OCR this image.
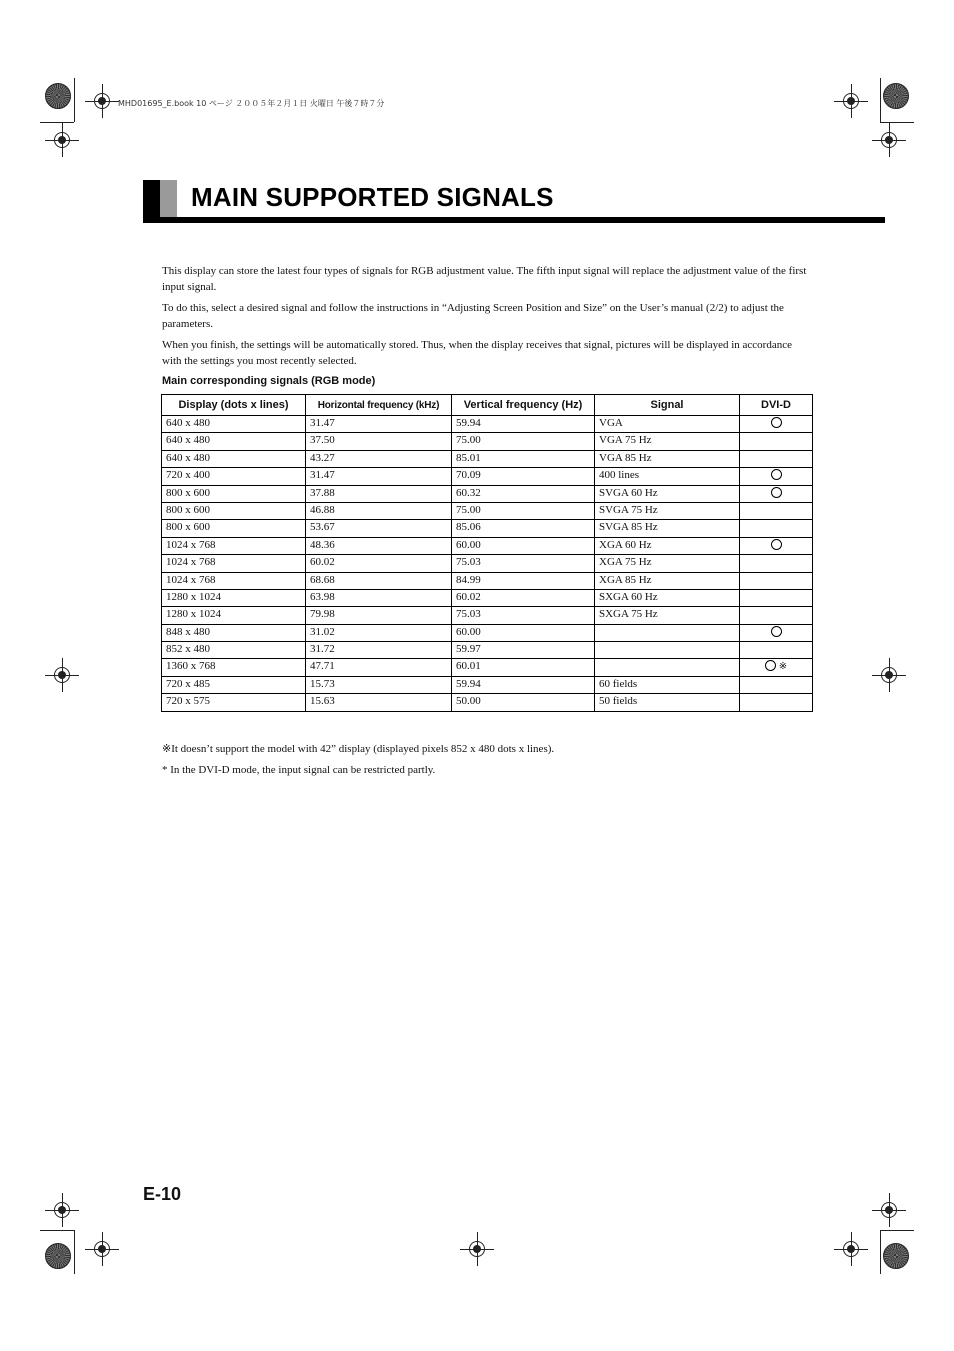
MHD01695_E.book 10 ページ ２００５年２月１日 火曜日 午後７時７分
MAIN SUPPORTED SIGNALS

This display can store the latest four types of signals for RGB adjustment value. The fifth input signal will replace the adjustment value of the first input signal.

To do this, select a desired signal and follow the instructions in “Adjusting Screen Position and Size” on the User’s manual (2/2) to adjust the parameters.

When you finish, the settings will be automatically stored. Thus, when the display receives that signal, pictures will be displayed in accordance with the settings you most recently selected.

Main corresponding signals (RGB mode)
Display (dots x lines)	Horizontal frequency (kHz)	Vertical frequency (Hz)	Signal	DVI-D
640 x 480	31.47	59.94	VGA	
640 x 480	37.50	75.00	VGA 75 Hz	
640 x 480	43.27	85.01	VGA 85 Hz	
720 x 400	31.47	70.09	400 lines	
800 x 600	37.88	60.32	SVGA 60 Hz	
800 x 600	46.88	75.00	SVGA 75 Hz	
800 x 600	53.67	85.06	SVGA 85 Hz	
1024 x 768	48.36	60.00	XGA 60 Hz	
1024 x 768	60.02	75.03	XGA 75 Hz	
1024 x 768	68.68	84.99	XGA 85 Hz	
1280 x 1024	63.98	60.02	SXGA 60 Hz	
1280 x 1024	79.98	75.03	SXGA 75 Hz	
848 x 480	31.02	60.00		
852 x 480	31.72	59.97		
1360 x 768	47.71	60.01		※
720 x 485	15.73	59.94	60 fields	
720 x 575	15.63	50.00	50 fields	
※It doesn’t support the model with 42” display (displayed pixels 852 x 480 dots x lines).
* In the DVI-D mode, the input signal can be restricted partly.
E-10
